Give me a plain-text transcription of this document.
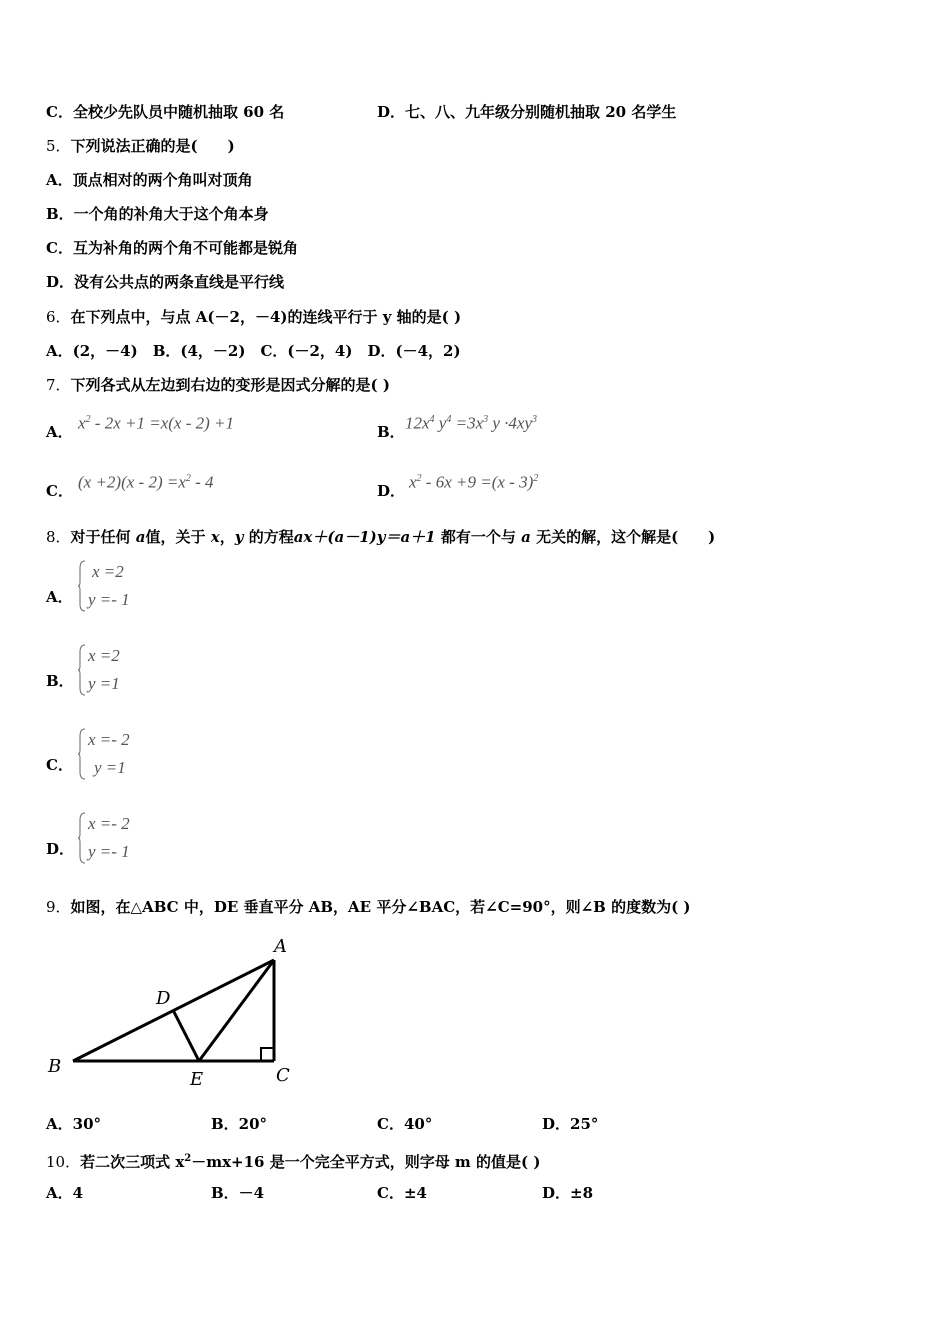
C．全校少先队员中随机抽取 60 名	D．七、八、九年级分别随机抽取 20 名学生
5．下列说法正确的是(　　)
A．顶点相对的两个角叫对顶角
B．一个角的补角大于这个角本身
C．互为补角的两个角不可能都是锐角
D．没有公共点的两条直线是平行线
6．在下列点中，与点 A(－2，－4)的连线平行于 y 轴的是( )
A．(2，－4)　B．(4，－2)　C．(－2，4)　D．(－4，2)
7．下列各式从左边到右边的变形是因式分解的是( )
A． $x^2 - 2x +1 =x(x - 2) +1$	B． $12x^4$ $y^4 =3x^3$ $y \cdot 4xy^3$
C． $(x +2)(x - 2) =x^2 - 4$	D． $x^2 - 6x +9 =(x - 3)^2$
8．对于任何 a值，关于 x，y 的方程ax＋(a－1)y＝a＋1 都有一个与 a 无关的解，这个解是(　　)
A．
x =2
y =- 1
B．
x =2
y =1
C．
x =- 2
y =1
D．
x =- 2
y =- 1
9．如图，在△ABC 中，DE 垂直平分 AB，AE 平分∠BAC，若∠C=90°，则∠B 的度数为( )
A
B	C
D
E
A．30°	B．20°	C．40°	D．25°
10．若二次三项式 $x^2-mx+16$ 是一个完全平方式，则字母 m 的值是( )
A．4	B．－4	C．±4	D．±8
